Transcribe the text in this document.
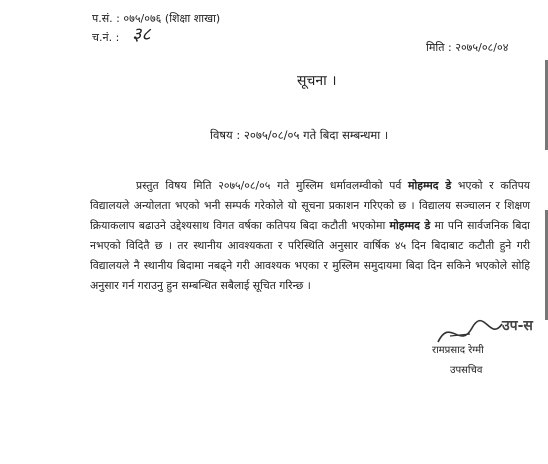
प.सं. : ०७५/०७६ (शिक्षा शाखा)
च.नं. : ३८
मिति : २०७५/०८/०४
सूचना ।
विषय : २०७५/०८/०५ गते बिदा सम्बन्धमा ।
प्रस्तुत विषय मिति २०७५/०८/०५ गते मुस्लिम धर्मावलम्वीको पर्व मोहम्मद डे भएको र कतिपय विद्यालयले अन्योलता भएको भनी सम्पर्क गरेकोले यो सूचना प्रकाशन गरिएको छ । विद्यालय सञ्चालन र शिक्षण क्रियाकलाप बढाउने उद्देश्यसाथ विगत वर्षका कतिपय बिदा कटौती भएकोमा मोहम्मद डे मा पनि सार्वजनिक बिदा नभएको विदितै छ । तर स्थानीय आवश्यकता र परिस्थिति अनुसार वार्षिक ४५ दिन बिदाबाट कटौती हुने गरी विद्यालयले नै स्थानीय बिदामा नबढ्ने गरी आवश्यक भएका र मुस्लिम समुदायमा बिदा दिन सकिने भएकोले सोहि अनुसार गर्न गराउनु हुन सम्बन्धित सबैलाई सूचित गरिन्छ ।
उप-स
रामप्रसाद रेग्मी
उपसचिव
